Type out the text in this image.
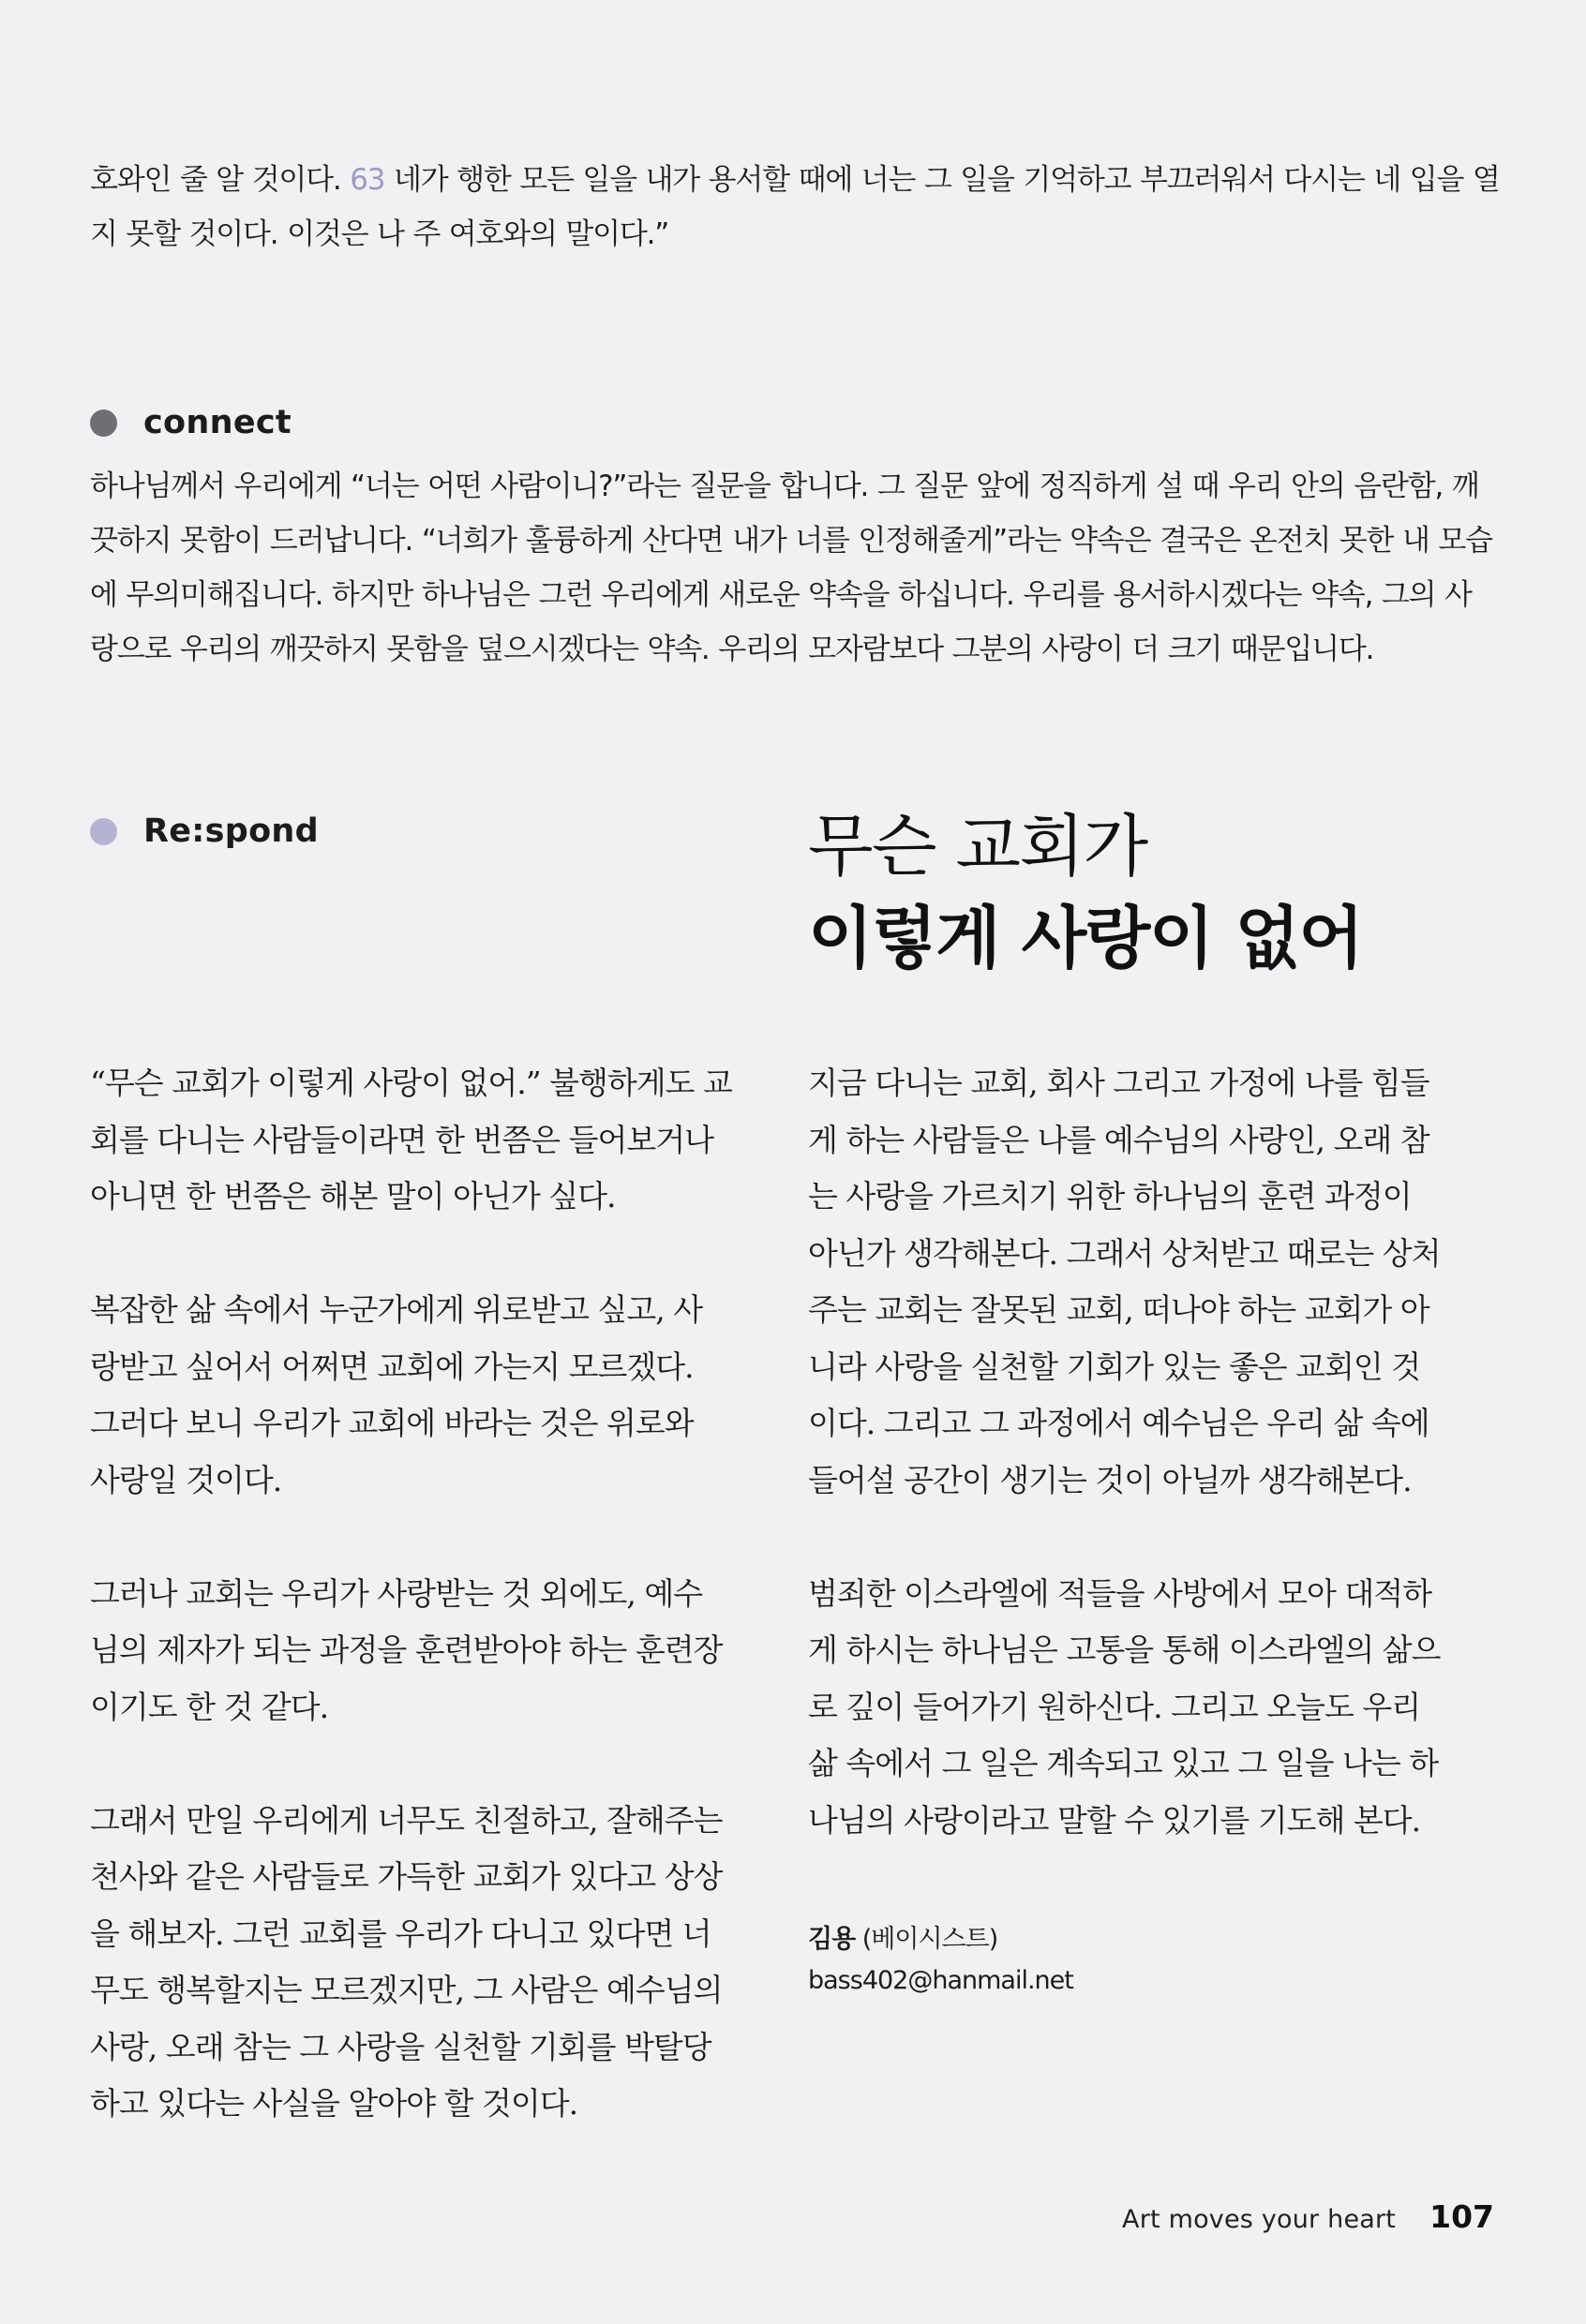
호와인 줄 알 것이다. 63 네가 행한 모든 일을 내가 용서할 때에 너는 그 일을 기억하고 부끄러워서 다시는 네 입을 열
지 못할 것이다. 이것은 나 주 여호와의 말이다.”
connect
하나님께서 우리에게 “너는 어떤 사람이니?”라는 질문을 합니다. 그 질문 앞에 정직하게 설 때 우리 안의 음란함, 깨
끗하지 못함이 드러납니다. “너희가 훌륭하게 산다면 내가 너를 인정해줄게”라는 약속은 결국은 온전치 못한 내 모습
에 무의미해집니다. 하지만 하나님은 그런 우리에게 새로운 약속을 하십니다. 우리를 용서하시겠다는 약속, 그의 사
랑으로 우리의 깨끗하지 못함을 덮으시겠다는 약속. 우리의 모자람보다 그분의 사랑이 더 크기 때문입니다.
Re:spond	무슨 교회가
이렇게 사랑이 없어

“무슨 교회가 이렇게 사랑이 없어.” 불행하게도 교
회를 다니는 사람들이라면 한 번쯤은 들어보거나
아니면 한 번쯤은 해본 말이 아닌가 싶다.

복잡한 삶 속에서 누군가에게 위로받고 싶고, 사
랑받고 싶어서 어쩌면 교회에 가는지 모르겠다.
그러다 보니 우리가 교회에 바라는 것은 위로와
사랑일 것이다.

그러나 교회는 우리가 사랑받는 것 외에도, 예수
님의 제자가 되는 과정을 훈련받아야 하는 훈련장
이기도 한 것 같다.

그래서 만일 우리에게 너무도 친절하고, 잘해주는
천사와 같은 사람들로 가득한 교회가 있다고 상상
을 해보자. 그런 교회를 우리가 다니고 있다면 너
무도 행복할지는 모르겠지만, 그 사람은 예수님의
사랑, 오래 참는 그 사랑을 실천할 기회를 박탈당
하고 있다는 사실을 알아야 할 것이다.

지금 다니는 교회, 회사 그리고 가정에 나를 힘들
게 하는 사람들은 나를 예수님의 사랑인, 오래 참
는 사랑을 가르치기 위한 하나님의 훈련 과정이
아닌가 생각해본다. 그래서 상처받고 때로는 상처
주는 교회는 잘못된 교회, 떠나야 하는 교회가 아
니라 사랑을 실천할 기회가 있는 좋은 교회인 것
이다. 그리고 그 과정에서 예수님은 우리 삶 속에
들어설 공간이 생기는 것이 아닐까 생각해본다.

범죄한 이스라엘에 적들을 사방에서 모아 대적하
게 하시는 하나님은 고통을 통해 이스라엘의 삶으
로 깊이 들어가기 원하신다. 그리고 오늘도 우리
삶 속에서 그 일은 계속되고 있고 그 일을 나는 하
나님의 사랑이라고 말할 수 있기를 기도해 본다.

김용 (베이시스트)
bass402@hanmail.net
Art moves your heart 107
